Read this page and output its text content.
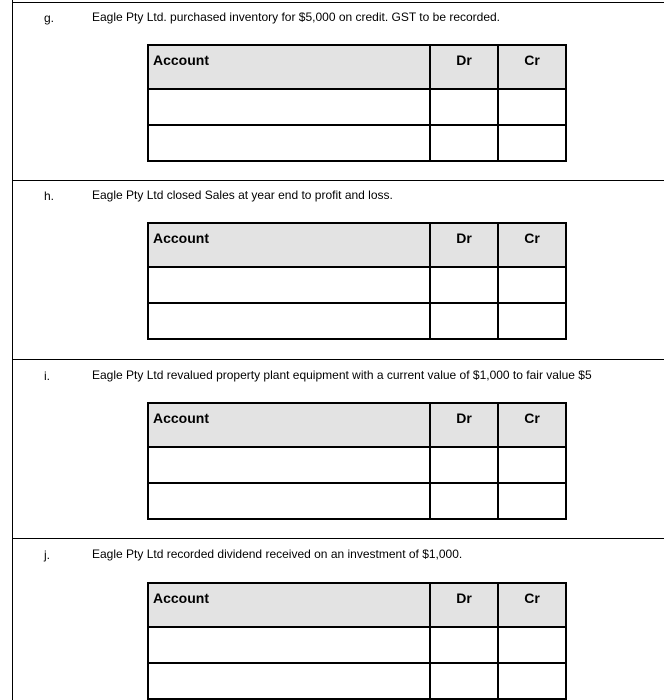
g.	Eagle Pty Ltd. purchased inventory for $5,000 on credit. GST to be recorded.
Account	Dr	Cr

h.	Eagle Pty Ltd closed Sales at year end to profit and loss.
Account	Dr	Cr

i.	Eagle Pty Ltd revalued property plant equipment with a current value of $1,000 to fair value $5
Account	Dr	Cr

j.	Eagle Pty Ltd recorded dividend received on an investment of $1,000.
Account	Dr	Cr
